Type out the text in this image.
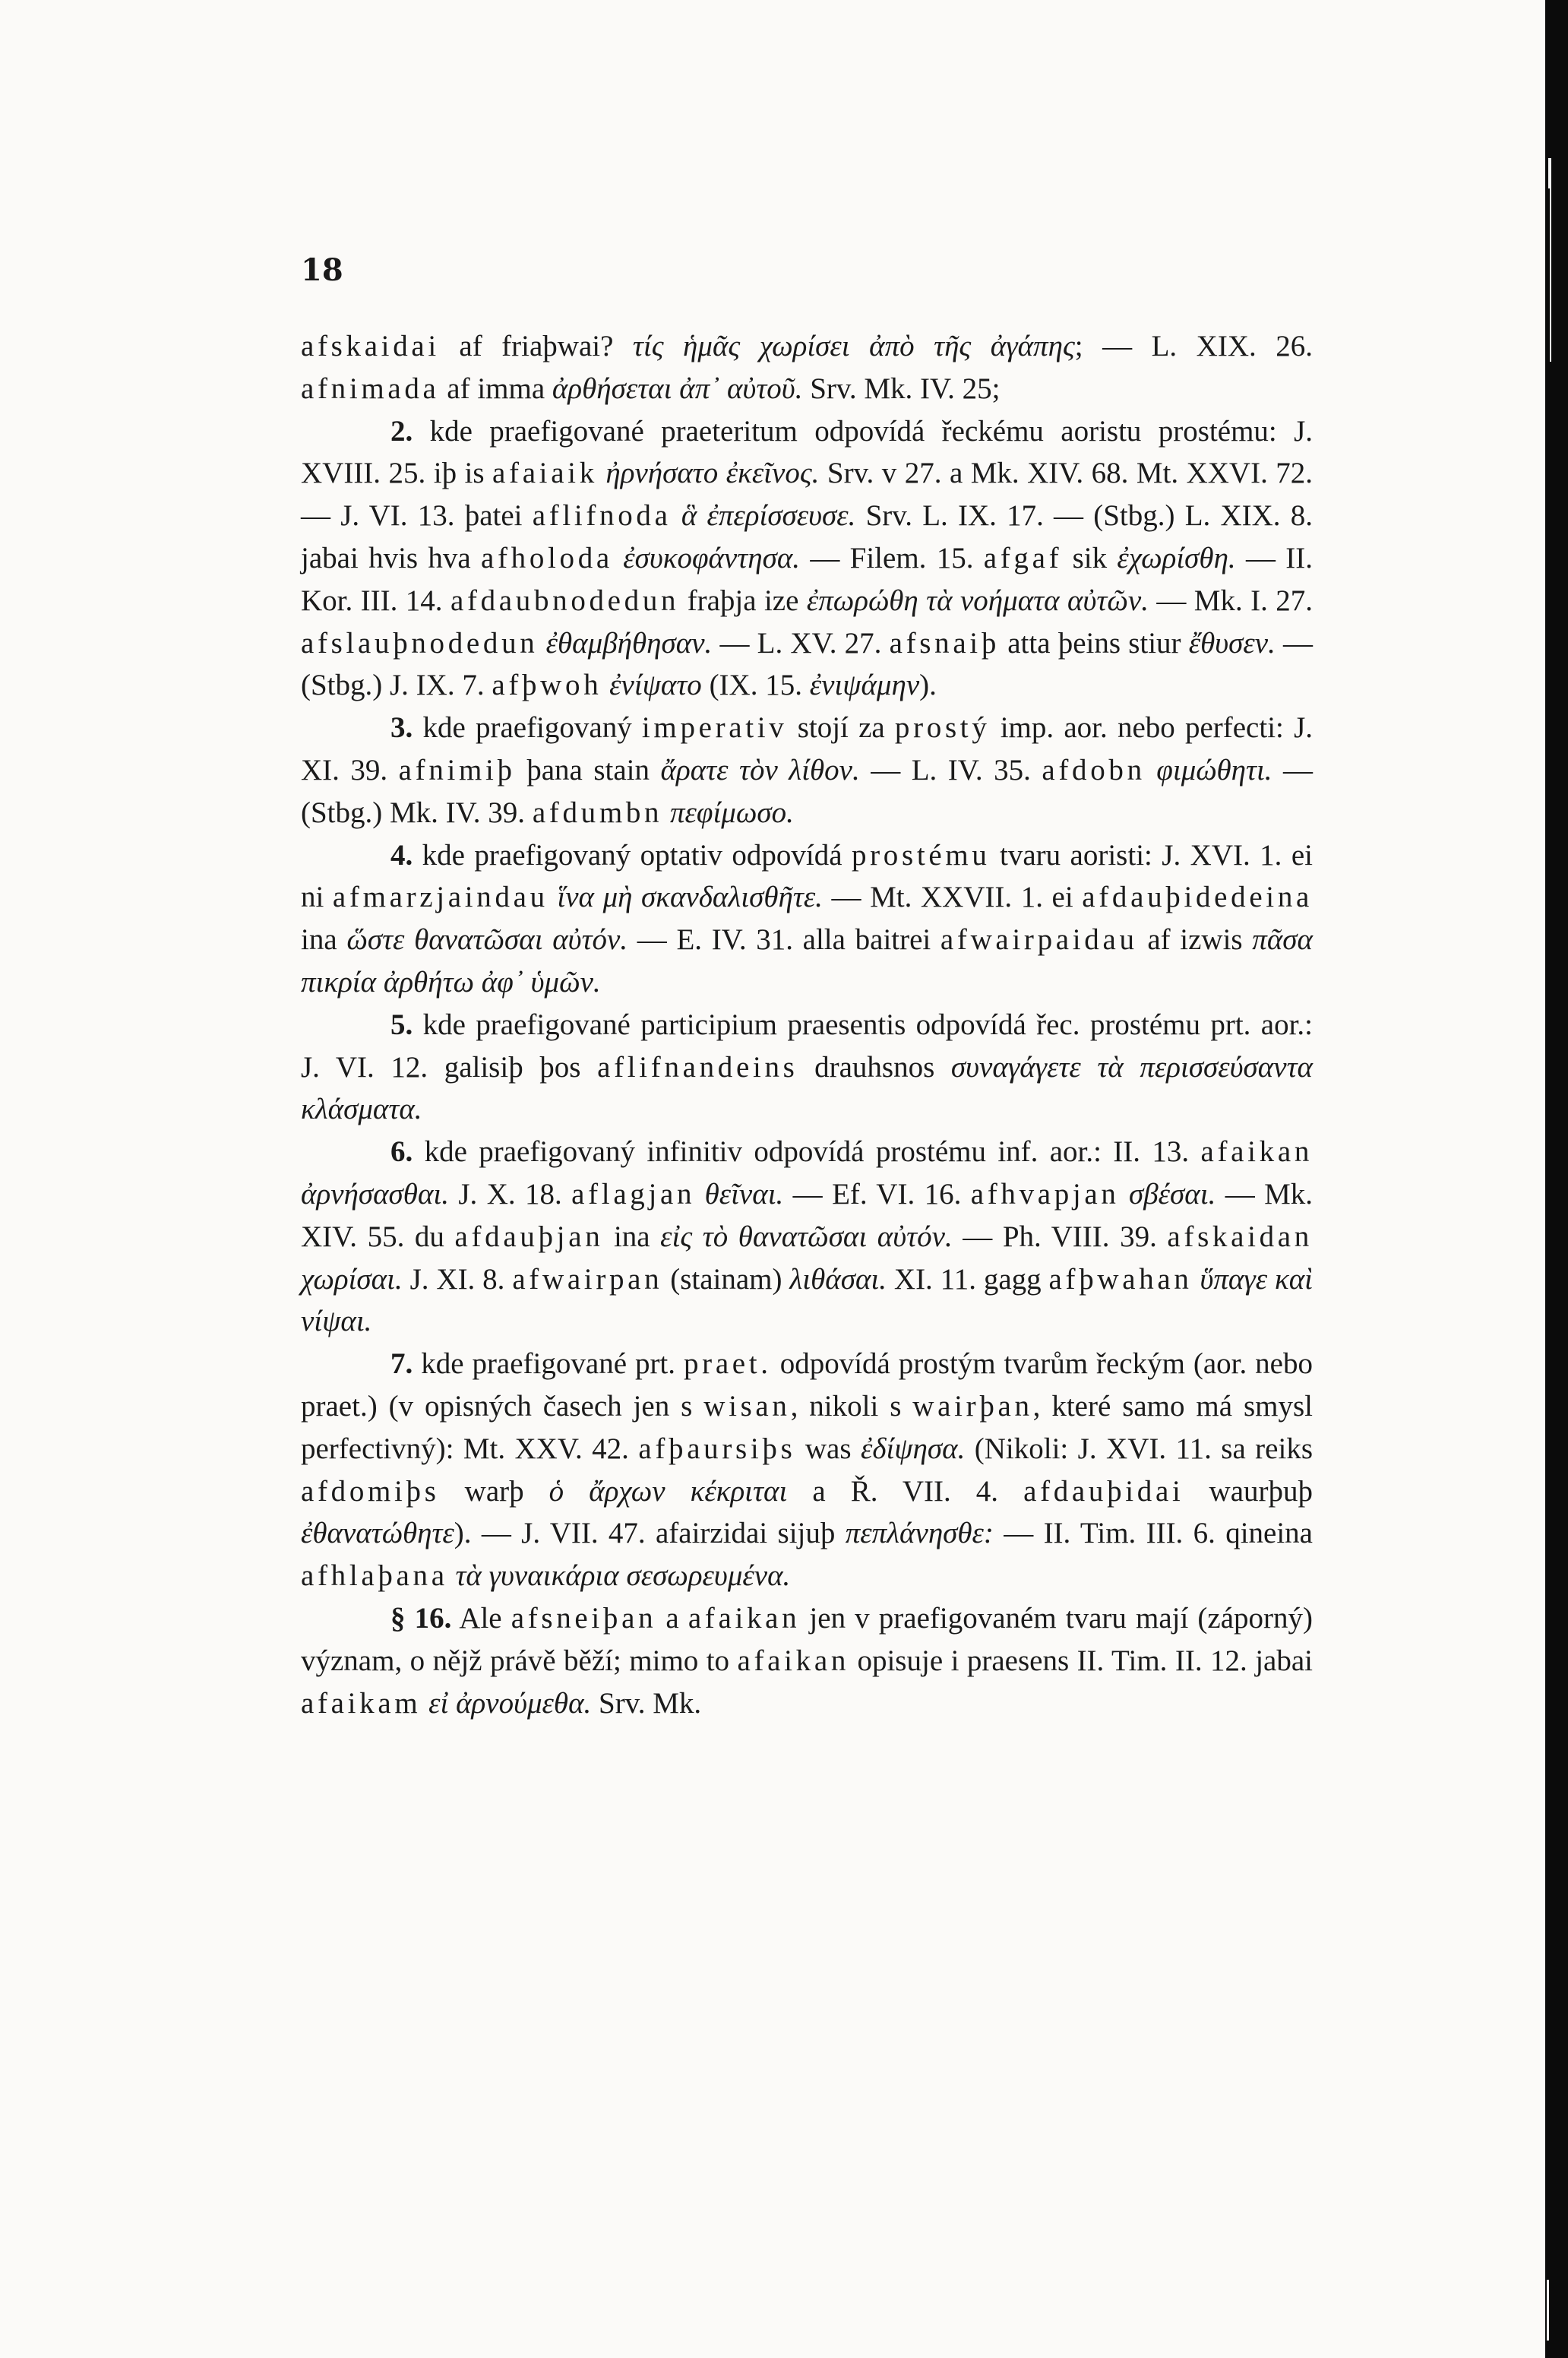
18

afskaidai af friaþwai? τίς ἡμᾶς χωρίσει ἀπὸ τῆς ἀγάπης; — L. XIX. 26. afnimada af imma ἀρθήσεται ἀπ᾽ αὐτοῦ. Srv. Mk. IV. 25;

2. kde praefigované praeteritum odpovídá řeckému aoristu prostému: J. XVIII. 25. iþ is afaiaik ἠρνήσατο ἐκεῖνος. Srv. v 27. a Mk. XIV. 68. Mt. XXVI. 72. — J. VI. 13. þatei aflifnoda ἃ ἐπερίσσευσε. Srv. L. IX. 17. — (Stbg.) L. XIX. 8. jabai hvis hva afholoda ἐσυκοφάντησα. — Filem. 15. afgaf sik ἐχωρίσθη. — II. Kor. III. 14. afdaubnodedun fraþja ize ἐπωρώθη τὰ νοήματα αὐτῶν. — Mk. I. 27. afslauþnodedun ἐθαμβήθησαν. — L. XV. 27. afsnaiþ atta þeins stiur ἔθυσεν. — (Stbg.) J. IX. 7. afþwoh ἐνίψατο (IX. 15. ἐνιψάμην).

3. kde praefigovaný imperativ stojí za prostý imp. aor. nebo perfecti: J. XI. 39. afnimiþ þana stain ἄρατε τὸν λίθον. — L. IV. 35. afdobn φιμώθητι. — (Stbg.) Mk. IV. 39. afdumbn πεφίμωσο.

4. kde praefigovaný optativ odpovídá prostému tvaru aoristi: J. XVI. 1. ei ni afmarzjaindau ἵνα μὴ σκανδαλισθῆτε. — Mt. XXVII. 1. ei afdauþidedeina ina ὥστε θανατῶσαι αὐτόν. — E. IV. 31. alla baitrei afwairpaidau af izwis πᾶσα πικρία ἀρθήτω ἀφ᾽ ὑμῶν.

5. kde praefigované participium praesentis odpovídá řec. prostému prt. aor.: J. VI. 12. galisiþ þos aflifnandeins drauhsnos συναγάγετε τὰ περισσεύσαντα κλάσματα.

6. kde praefigovaný infinitiv odpovídá prostému inf. aor.: II. 13. afaikan ἀρνήσασθαι. J. X. 18. aflagjan θεῖναι. — Ef. VI. 16. afhvapjan σβέσαι. — Mk. XIV. 55. du afdauþjan ina εἰς τὸ θανατῶσαι αὐτόν. — Ph. VIII. 39. afskaidan χωρίσαι. J. XI. 8. afwairpan (stainam) λιθάσαι. XI. 11. gagg afþwahan ὕπαγε καὶ νίψαι.

7. kde praefigované prt. praet. odpovídá prostým tvarům řeckým (aor. nebo praet.) (v opisných časech jen s wisan, nikoli s wairþan, které samo má smysl perfectivný): Mt. XXV. 42. afþaursiþs was ἐδίψησα. (Nikoli: J. XVI. 11. sa reiks afdomiþs warþ ὁ ἄρχων κέκριται a Ř. VII. 4. afdauþidai waurþuþ ἐθανατώθητε). — J. VII. 47. afairzidai sijuþ πεπλάνησθε: — II. Tim. III. 6. qineina afhlaþana τὰ γυναικάρια σεσωρευμένα.

§ 16. Ale afsneiþan a afaikan jen v praefigovaném tvaru mají (záporný) význam, o nějž právě běží; mimo to afaikan opisuje i praesens II. Tim. II. 12. jabai afaikam εἰ ἀρνούμεθα. Srv. Mk.
